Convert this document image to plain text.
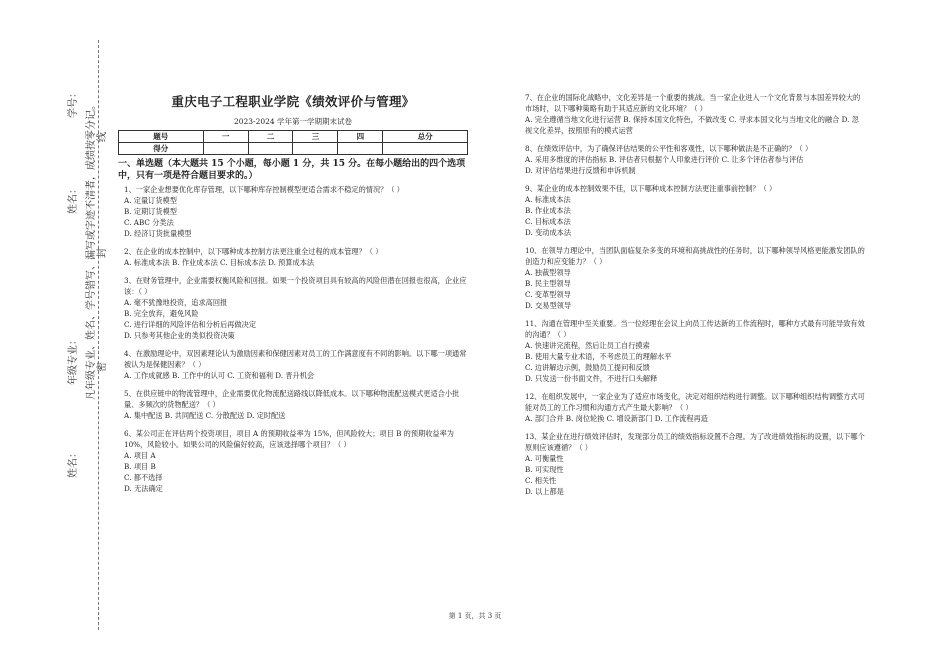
学号：
姓名：
年级专业：
姓名：
凡年级专业、姓名、学号错写、漏写或字迹不清者，成绩按零分记。 密
封
线
重庆电子工程职业学院《绩效评价与管理》
2023-2024 学年第一学期期末试卷
题号	一	二	三	四	总分
得分					
一、单选题（本大题共 15 个小题，每小题 1 分，共 15 分。在每小题给出的四个选项中，只有一项是符合题目要求的。）
1、一家企业想要优化库存管理，以下哪种库存控制模型更适合需求不稳定的情况？（ ）
A. 定量订货模型
B. 定期订货模型
C. ABC 分类法
D. 经济订货批量模型
2、在企业的成本控制中，以下哪种成本控制方法更注重全过程的成本管理？（ ）
A. 标准成本法 B. 作业成本法 C. 目标成本法 D. 预算成本法
3、在财务管理中，企业需要权衡风险和回报。如果一个投资项目具有较高的风险但潜在回报也很高，企业应该：（ ）
A. 毫不犹豫地投资，追求高回报
B. 完全放弃，避免风险
C. 进行详细的风险评估和分析后再做决定
D. 只参考其他企业的类似投资决策
4、在激励理论中，双因素理论认为激励因素和保健因素对员工的工作满意度有不同的影响。以下哪一项通常被认为是保健因素？（ ）
A. 工作成就感 B. 工作中的认可 C. 工资和福利 D. 晋升机会
5、在供应链中的物流管理中，企业需要优化物流配送路线以降低成本。以下哪种物流配送模式更适合小批量、多频次的货物配送？（ ）
A. 集中配送 B. 共同配送 C. 分散配送 D. 定时配送
6、某公司正在评估两个投资项目，项目 A 的预期收益率为 15%，但风险较大；项目 B 的预期收益率为 10%，风险较小。如果公司的风险偏好较高，应该选择哪个项目？（ ）
A. 项目 A
B. 项目 B
C. 都不选择
D. 无法确定
7、在企业的国际化战略中，文化差异是一个重要的挑战。当一家企业进入一个文化背景与本国差异较大的市场时，以下哪种策略有助于其适应新的文化环境？（ ）
A. 完全遵循当地文化进行运营 B. 保持本国文化特色，不做改变 C. 寻求本国文化与当地文化的融合 D. 忽视文化差异，按照原有的模式运营
8、在绩效评估中，为了确保评估结果的公平性和客观性，以下哪种做法是不正确的？（ ）
A. 采用多维度的评估指标 B. 评估者只根据个人印象进行评价 C. 让多个评估者参与评估
D. 对评估结果进行反馈和申诉机制
9、某企业的成本控制效果不佳，以下哪种成本控制方法更注重事前控制？（ ）
A. 标准成本法
B. 作业成本法
C. 目标成本法
D. 变动成本法
10、在领导力理论中，当团队面临复杂多变的环境和高挑战性的任务时，以下哪种领导风格更能激发团队的创造力和应变能力？（ ）
A. 独裁型领导
B. 民主型领导
C. 变革型领导
D. 交易型领导
11、沟通在管理中至关重要。当一位经理在会议上向员工传达新的工作流程时，哪种方式最有可能导致有效的沟通？（ ）
A. 快速讲完流程，然后让员工自行摸索
B. 使用大量专业术语，不考虑员工的理解水平
C. 边讲解边示例，鼓励员工提问和反馈
D. 只发送一份书面文件，不进行口头解释
12、在组织发展中，一家企业为了适应市场变化，决定对组织结构进行调整。以下哪种组织结构调整方式可能对员工的工作习惯和沟通方式产生最大影响？（ ）
A. 部门合并 B. 岗位轮换 C. 增设新部门 D. 工作流程再造
13、某企业在进行绩效评估时，发现部分员工的绩效指标设置不合理。为了改进绩效指标的设置，以下哪个原则应该遵循？（ ）
A. 可衡量性
B. 可实现性
C. 相关性
D. 以上都是
第 1 页，共 3 页
